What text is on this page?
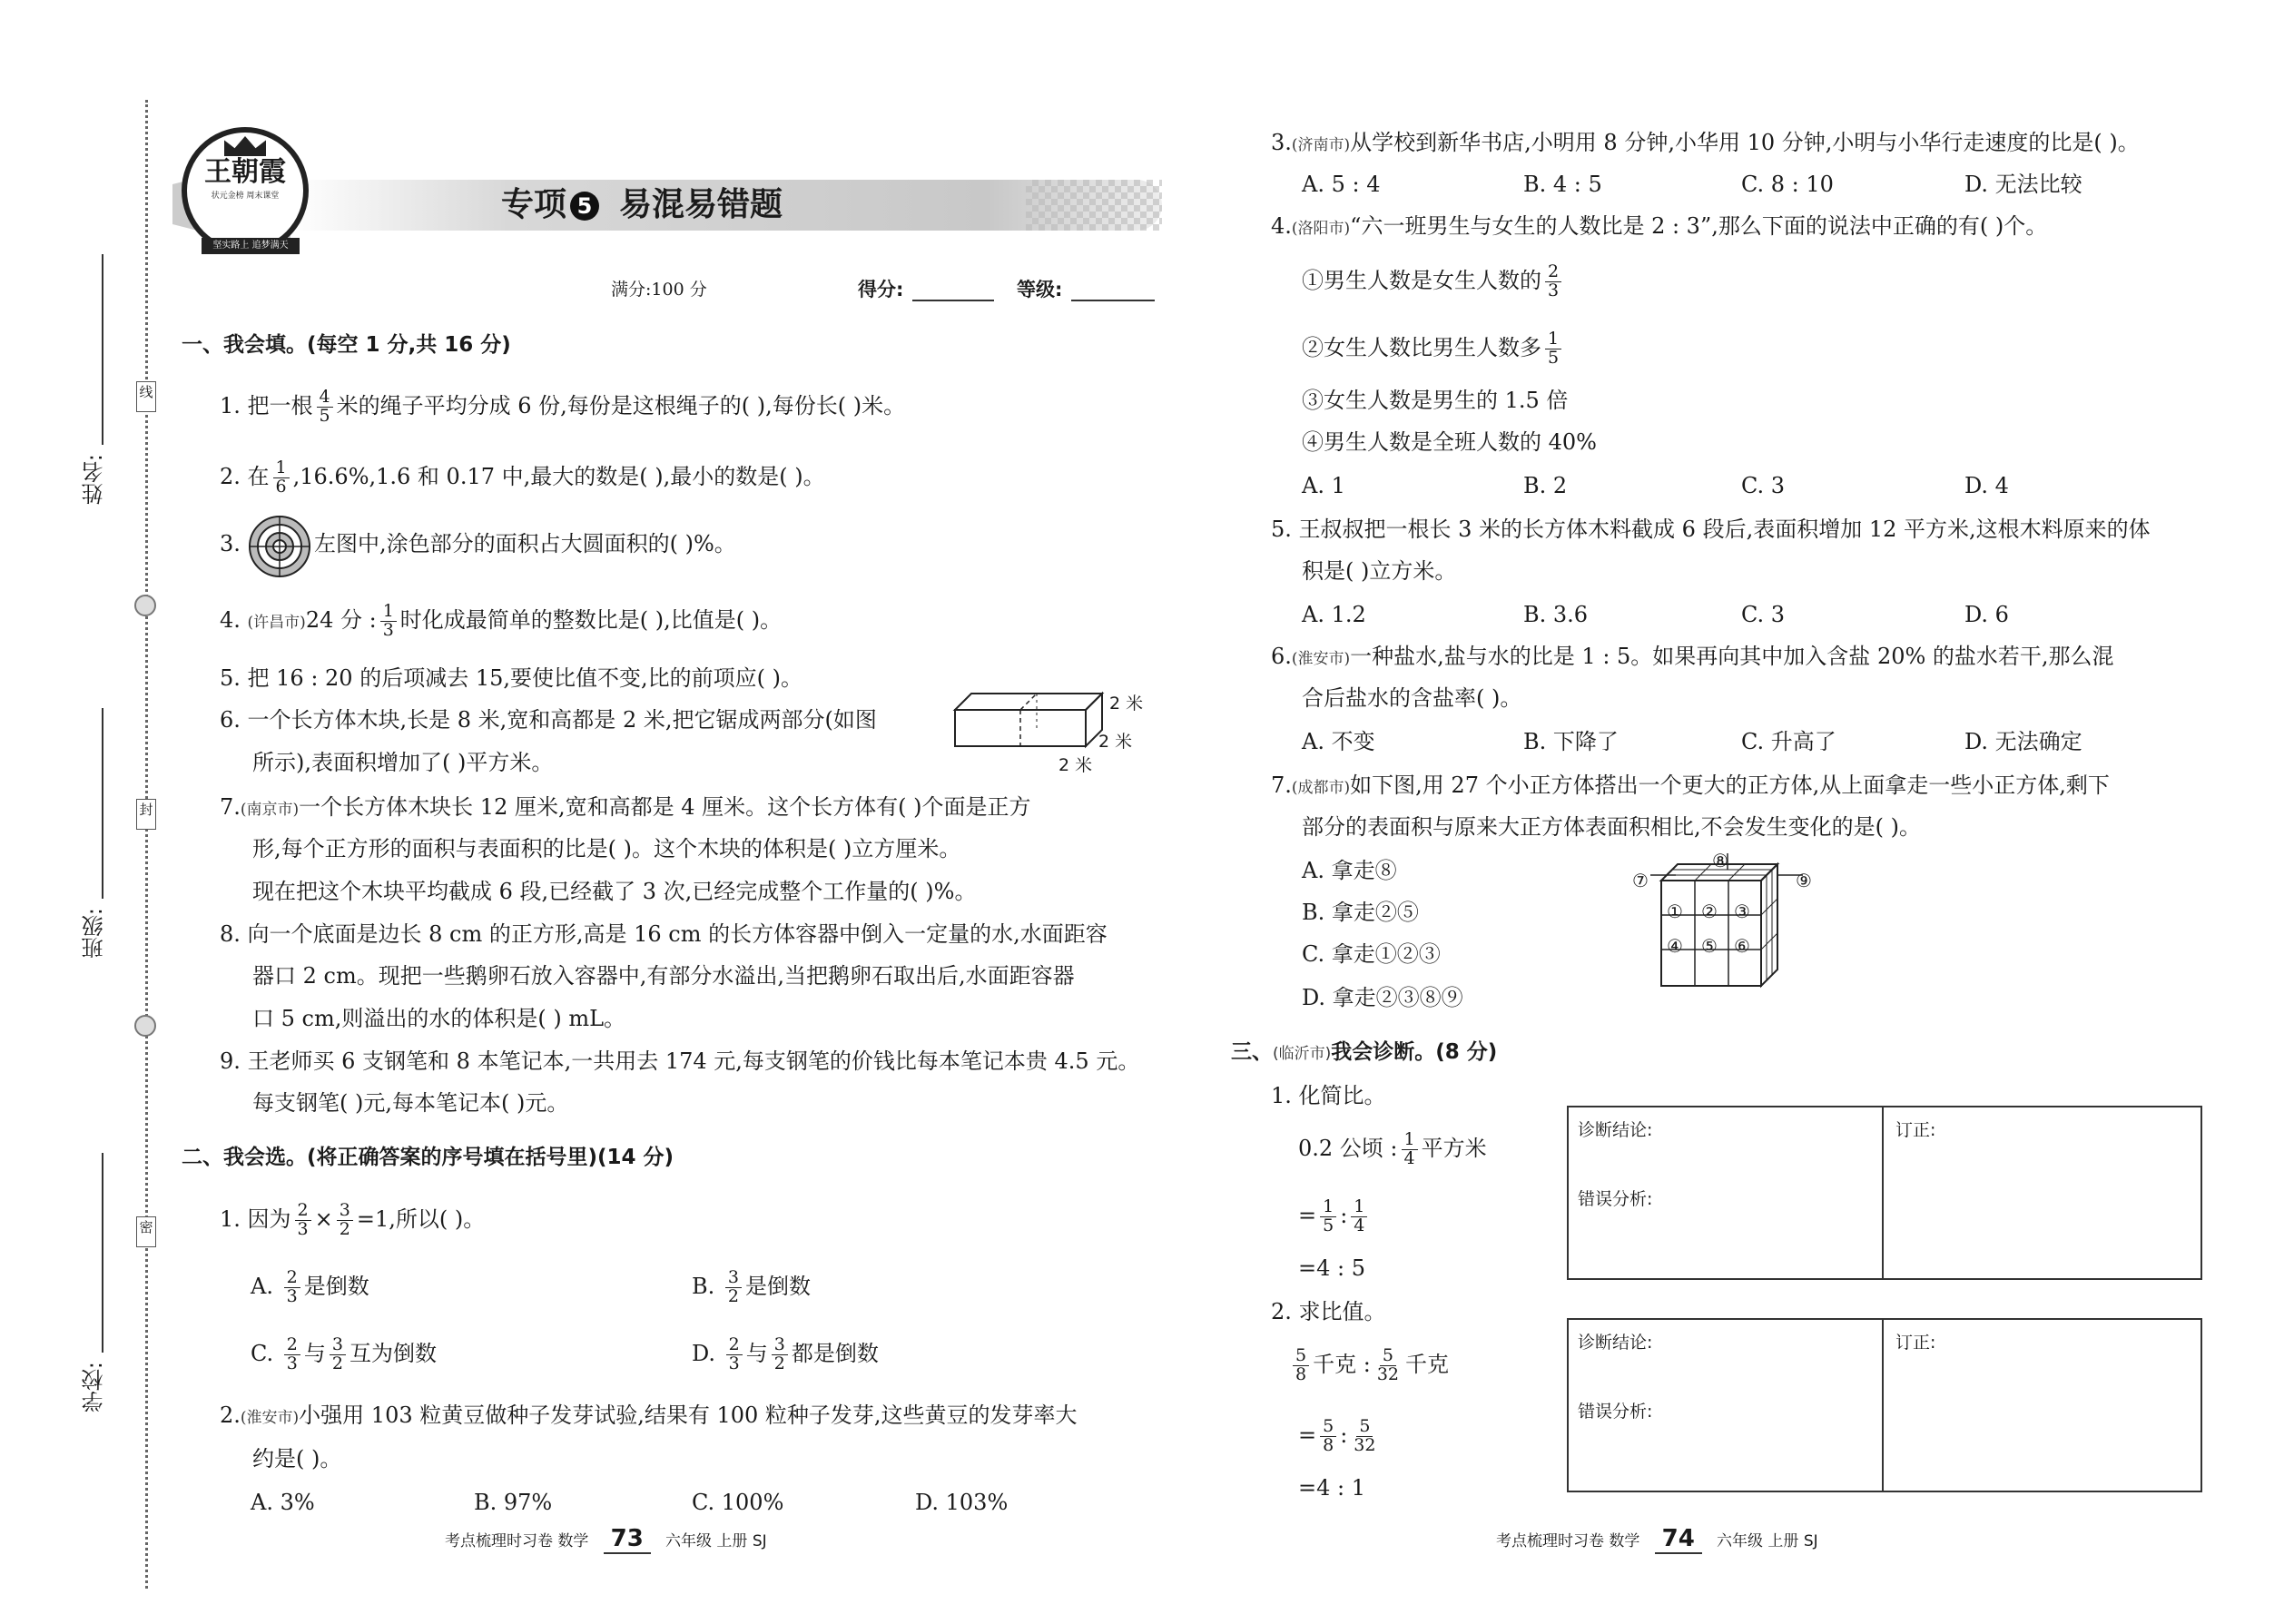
姓名:
班级:
学校:
线
封
密
王朝霞
状元金榜 周末课堂
坚实路上 追梦满天
专项 5 易混易错题
满分:100 分	得分:	等级:
一、我会填。(每空 1 分,共 16 分)
1. 把一根 $\frac{4}{5}$ 米的绳子平均分成 6 份,每份是这根绳子的( ),每份长( )米。
2. 在 $\frac{1}{6} ,16.6\%,1.6$ 和 0.17 中,最大的数是( ),最小的数是( )。
3.	左图中,涂色部分的面积占大圆面积的( )%。
4. (许昌市)24 分 : $\frac{1}{3}$ 时化成最简单的整数比是( ),比值是( )。
5. 把 16 : 20 的后项减去 15,要使比值不变,比的前项应( )。
6. 一个长方体木块,长是 8 米,宽和高都是 2 米,把它锯成两部分(如图
所示),表面积增加了( )平方米。
2 米
2 米
2 米
7.(南京市)一个长方体木块长 12 厘米,宽和高都是 4 厘米。这个长方体有( )个面是正方
形,每个正方形的面积与表面积的比是( )。这个木块的体积是( )立方厘米。
现在把这个木块平均截成 6 段,已经截了 3 次,已经完成整个工作量的( )%。
8. 向一个底面是边长 8 cm 的正方形,高是 16 cm 的长方体容器中倒入一定量的水,水面距容
器口 2 cm。现把一些鹅卵石放入容器中,有部分水溢出,当把鹅卵石取出后,水面距容器
口 5 cm,则溢出的水的体积是( ) mL。
9. 王老师买 6 支钢笔和 8 本笔记本,一共用去 174 元,每支钢笔的价钱比每本笔记本贵 4.5 元。
每支钢笔( )元,每本笔记本( )元。
二、我会选。(将正确答案的序号填在括号里)(14 分)
1. 因为 $\frac{2}{3} \times \frac{3}{2} =1$,所以( )。
A. $\frac{2}{3}$ 是倒数	B. $\frac{3}{2}$ 是倒数
C. $\frac{2}{3}$ 与 $\frac{3}{2}$ 互为倒数	D. $\frac{2}{3}$ 与 $\frac{3}{2}$ 都是倒数
2.(淮安市)小强用 103 粒黄豆做种子发芽试验,结果有 100 粒种子发芽,这些黄豆的发芽率大
约是( )。
A. 3%	B. 97%	C. 100%	D. 103%
考点梳理时习卷 数学 73 六年级 上册 SJ
3.(济南市)从学校到新华书店,小明用 8 分钟,小华用 10 分钟,小明与小华行走速度的比是( )。
A. 5 : 4	B. 4 : 5	C. 8 : 10	D. 无法比较
4.(洛阳市)“六一班男生与女生的人数比是 2 : 3”,那么下面的说法中正确的有( )个。
①男生人数是女生人数的 $\frac{2}{3}$
②女生人数比男生人数多 $\frac{1}{5}$
③女生人数是男生的 1.5 倍
④男生人数是全班人数的 40%
A. 1	B. 2	C. 3	D. 4
5. 王叔叔把一根长 3 米的长方体木料截成 6 段后,表面积增加 12 平方米,这根木料原来的体
积是( )立方米。
A. 1.2	B. 3.6	C. 3	D. 6
6.(淮安市)一种盐水,盐与水的比是 1 : 5。如果再向其中加入含盐 20% 的盐水若干,那么混
合后盐水的含盐率( )。
A. 不变	B. 下降了	C. 升高了	D. 无法确定
7.(成都市)如下图,用 27 个小正方体搭出一个更大的正方体,从上面拿走一些小正方体,剩下
部分的表面积与原来大正方体表面积相比,不会发生变化的是( )。
A. 拿走⑧
B. 拿走②⑤
C. 拿走①②③
D. 拿走②③⑧⑨
⑦
⑧
⑨
① ② ③
④ ⑤ ⑥
三、(临沂市)我会诊断。(8 分)
1. 化简比。
0.2 公顷 : $\frac{1}{4}$ 平方米
= $\frac{1}{5}$ : $\frac{1}{4}$
=4 : 5
2. 求比值。
$\frac{5}{8}$ 千克 : $\frac{5}{32}$ 千克
= $\frac{5}{8}$ : $\frac{5}{32}$
=4 : 1
诊断结论:
错误分析:
订正:
诊断结论:
错误分析:
订正:
考点梳理时习卷 数学 74 六年级 上册 SJ
